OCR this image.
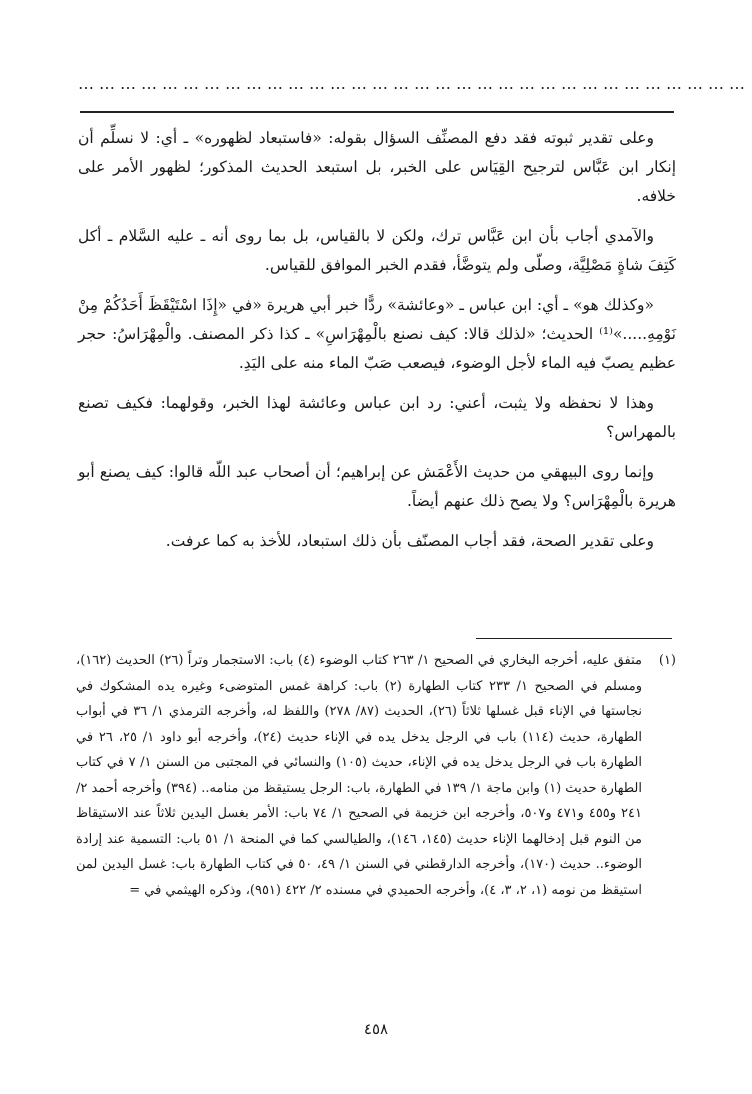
……………………………………………………………………………………

وعلى تقدير ثبوته فقد دفع المصنِّف السؤال بقوله: «فاستبعاد لظهوره» ـ أي: لا نسلِّم أن إنكار ابن عَبَّاس لترجيح القِيَاس على الخبر، بل استبعد الحديث المذكور؛ لظهور الأمر على خلافه.

والآمدي أجاب بأن ابن عَبَّاس ترك، ولكن لا بالقياس، بل بما روى أنه ـ عليه السَّلام ـ أكل كَتِفَ شاةٍ مَصْلِيَّة، وصلّى ولم يتوضَّأ، فقدم الخبر الموافق للقياس.

«وكذلك هو» ـ أي: ابن عباس ـ «وعائشة» ردًّا خبر أبي هريرة «في «إِذَا اسْتَيْقَظَ أَحَدُكُمْ مِنْ نَوْمِهِ.....»⁽¹⁾ الحديث؛ «لذلك قالا: كيف نصنع بالْمِهْرَاسِ» ـ كذا ذكر المصنف. والْمِهْرَاسُ: حجر عظيم يصبّ فيه الماء لأجل الوضوء، فيصعب صَبّ الماء منه على اليَدِ.

وهذا لا نحفظه ولا يثبت، أعني: رد ابن عباس وعائشة لهذا الخبر، وقولهما: فكيف تصنع بالمهراس؟

وإنما روى البيهقي من حديث الأَعْمَش عن إبراهيم؛ أن أصحاب عبد اللّه قالوا: كيف يصنع أبو هريرة بالْمِهْرَاس؟ ولا يصح ذلك عنهم أيضاً.

وعلى تقدير الصحة، فقد أجاب المصنّف بأن ذلك استبعاد، للأخذ به كما عرفت.

(١)
متفق عليه، أخرجه البخاري في الصحيح ١/ ٢٦٣ كتاب الوضوء (٤) باب: الاستجمار وتراً (٢٦) الحديث (١٦٢)، ومسلم في الصحيح ١/ ٢٣٣ كتاب الطهارة (٢) باب: كراهة غمس المتوضىء وغيره يده المشكوك في نجاستها في الإناء قبل غسلها ثلاثاً (٢٦)، الحديث (٨٧/ ٢٧٨) واللفظ له، وأخرجه الترمذي ١/ ٣٦ في أبواب الطهارة، حديث (١١٤) باب في الرجل يدخل يده في الإناء حديث (٢٤)، وأخرجه أبو داود ١/ ٢٥، ٢٦ في الطهارة باب في الرجل يدخل يده في الإناء، حديث (١٠٥) والنسائي في المجتبى من السنن ١/ ٧ في كتاب الطهارة حديث (١) وابن ماجة ١/ ١٣٩ في الطهارة، باب: الرجل يستيقظ من منامه.. (٣٩٤) وأخرجه أحمد ٢/ ٢٤١ و٤٥٥ و٤٧١ و٥٠٧، وأخرجه ابن خزيمة في الصحيح ١/ ٧٤ باب: الأمر بغسل اليدين ثلاثاً عند الاستيقاظ من النوم قبل إدخالهما الإناء حديث (١٤٥، ١٤٦)، والطيالسي كما في المنحة ١/ ٥١ باب: التسمية عند إرادة الوضوء.. حديث (١٧٠)، وأخرجه الدارقطني في السنن ١/ ٤٩، ٥٠ في كتاب الطهارة باب: غسل اليدين لمن استيقظ من نومه (١، ٢، ٣، ٤)، وأخرجه الحميدي في مسنده ٢/ ٤٢٢ (٩٥١)، وذكره الهيثمي في =
٤٥٨
